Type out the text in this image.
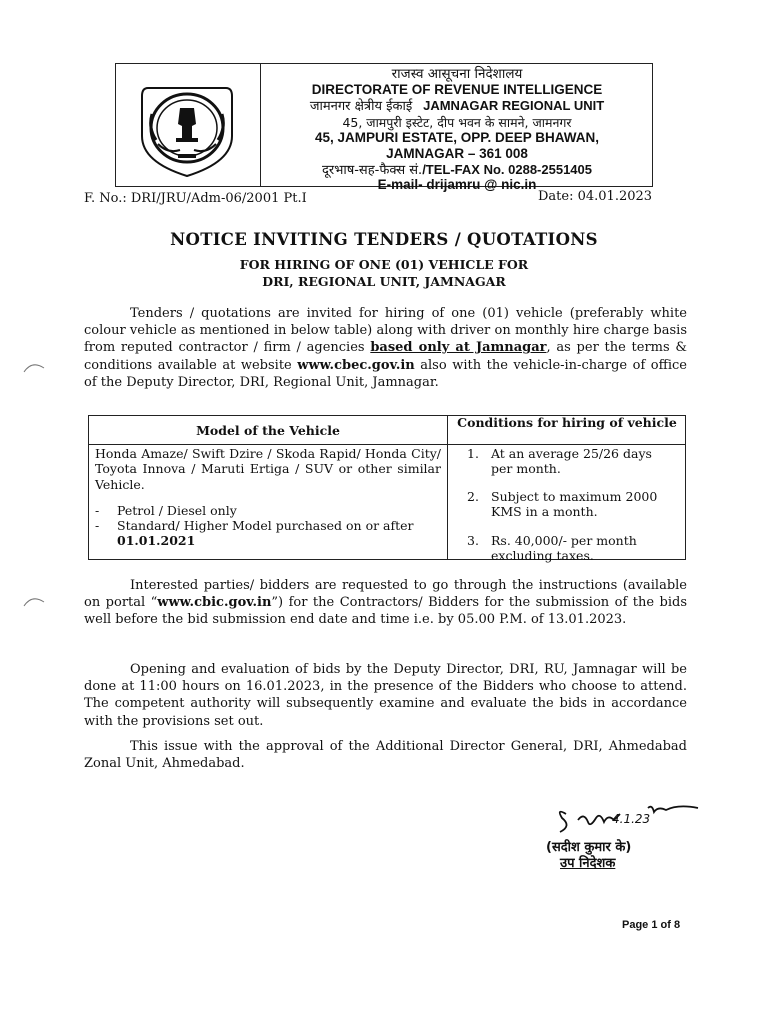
राजस्व आसूचना निदेशालय
DIRECTORATE OF REVENUE INTELLIGENCE
जामनगर क्षेत्रीय ईकाई JAMNAGAR REGIONAL UNIT
45, जामपुरी इस्टेट, दीप भवन के सामने, जामनगर
45, JAMPURI ESTATE, OPP. DEEP BHAWAN,
JAMNAGAR – 361 008
दूरभाष-सह-फैक्स सं./TEL-FAX No. 0288-2551405
E-mail- drijamru @ nic.in
F. No.: DRI/JRU/Adm-06/2001 Pt.I	Date: 04.01.2023
NOTICE INVITING TENDERS / QUOTATIONS
FOR HIRING OF ONE (01) VEHICLE FOR
DRI, REGIONAL UNIT, JAMNAGAR

Tenders / quotations are invited for hiring of one (01) vehicle (preferably white colour vehicle as mentioned in below table) along with driver on monthly hire charge basis from reputed contractor / firm / agencies based only at Jamnagar, as per the terms & conditions available at website www.cbec.gov.in also with the vehicle-in-charge of office of the Deputy Director, DRI, Regional Unit, Jamnagar.

Model of the Vehicle
Conditions for hiring of vehicle
Honda Amaze/ Swift Dzire / Skoda Rapid/ Honda City/ Toyota Innova / Maruti Ertiga / SUV or other similar Vehicle.
- Petrol / Diesel only
- Standard/ Higher Model purchased on or after 01.01.2021
1. At an average 25/26 days per month.
2. Subject to maximum 2000 KMS in a month.
3. Rs. 40,000/- per month excluding taxes.

Interested parties/ bidders are requested to go through the instructions (available on portal “www.cbic.gov.in”) for the Contractors/ Bidders for the submission of the bids well before the bid submission end date and time i.e. by 05.00 P.M. of 13.01.2023.

Opening and evaluation of bids by the Deputy Director, DRI, RU, Jamnagar will be done at 11:00 hours on 16.01.2023, in the presence of the Bidders who choose to attend. The competent authority will subsequently examine and evaluate the bids in accordance with the provisions set out.

This issue with the approval of the Additional Director General, DRI, Ahmedabad Zonal Unit, Ahmedabad.

4.1.23
(सदीश कुमार के)
उप निदेशक
Page 1 of 8
